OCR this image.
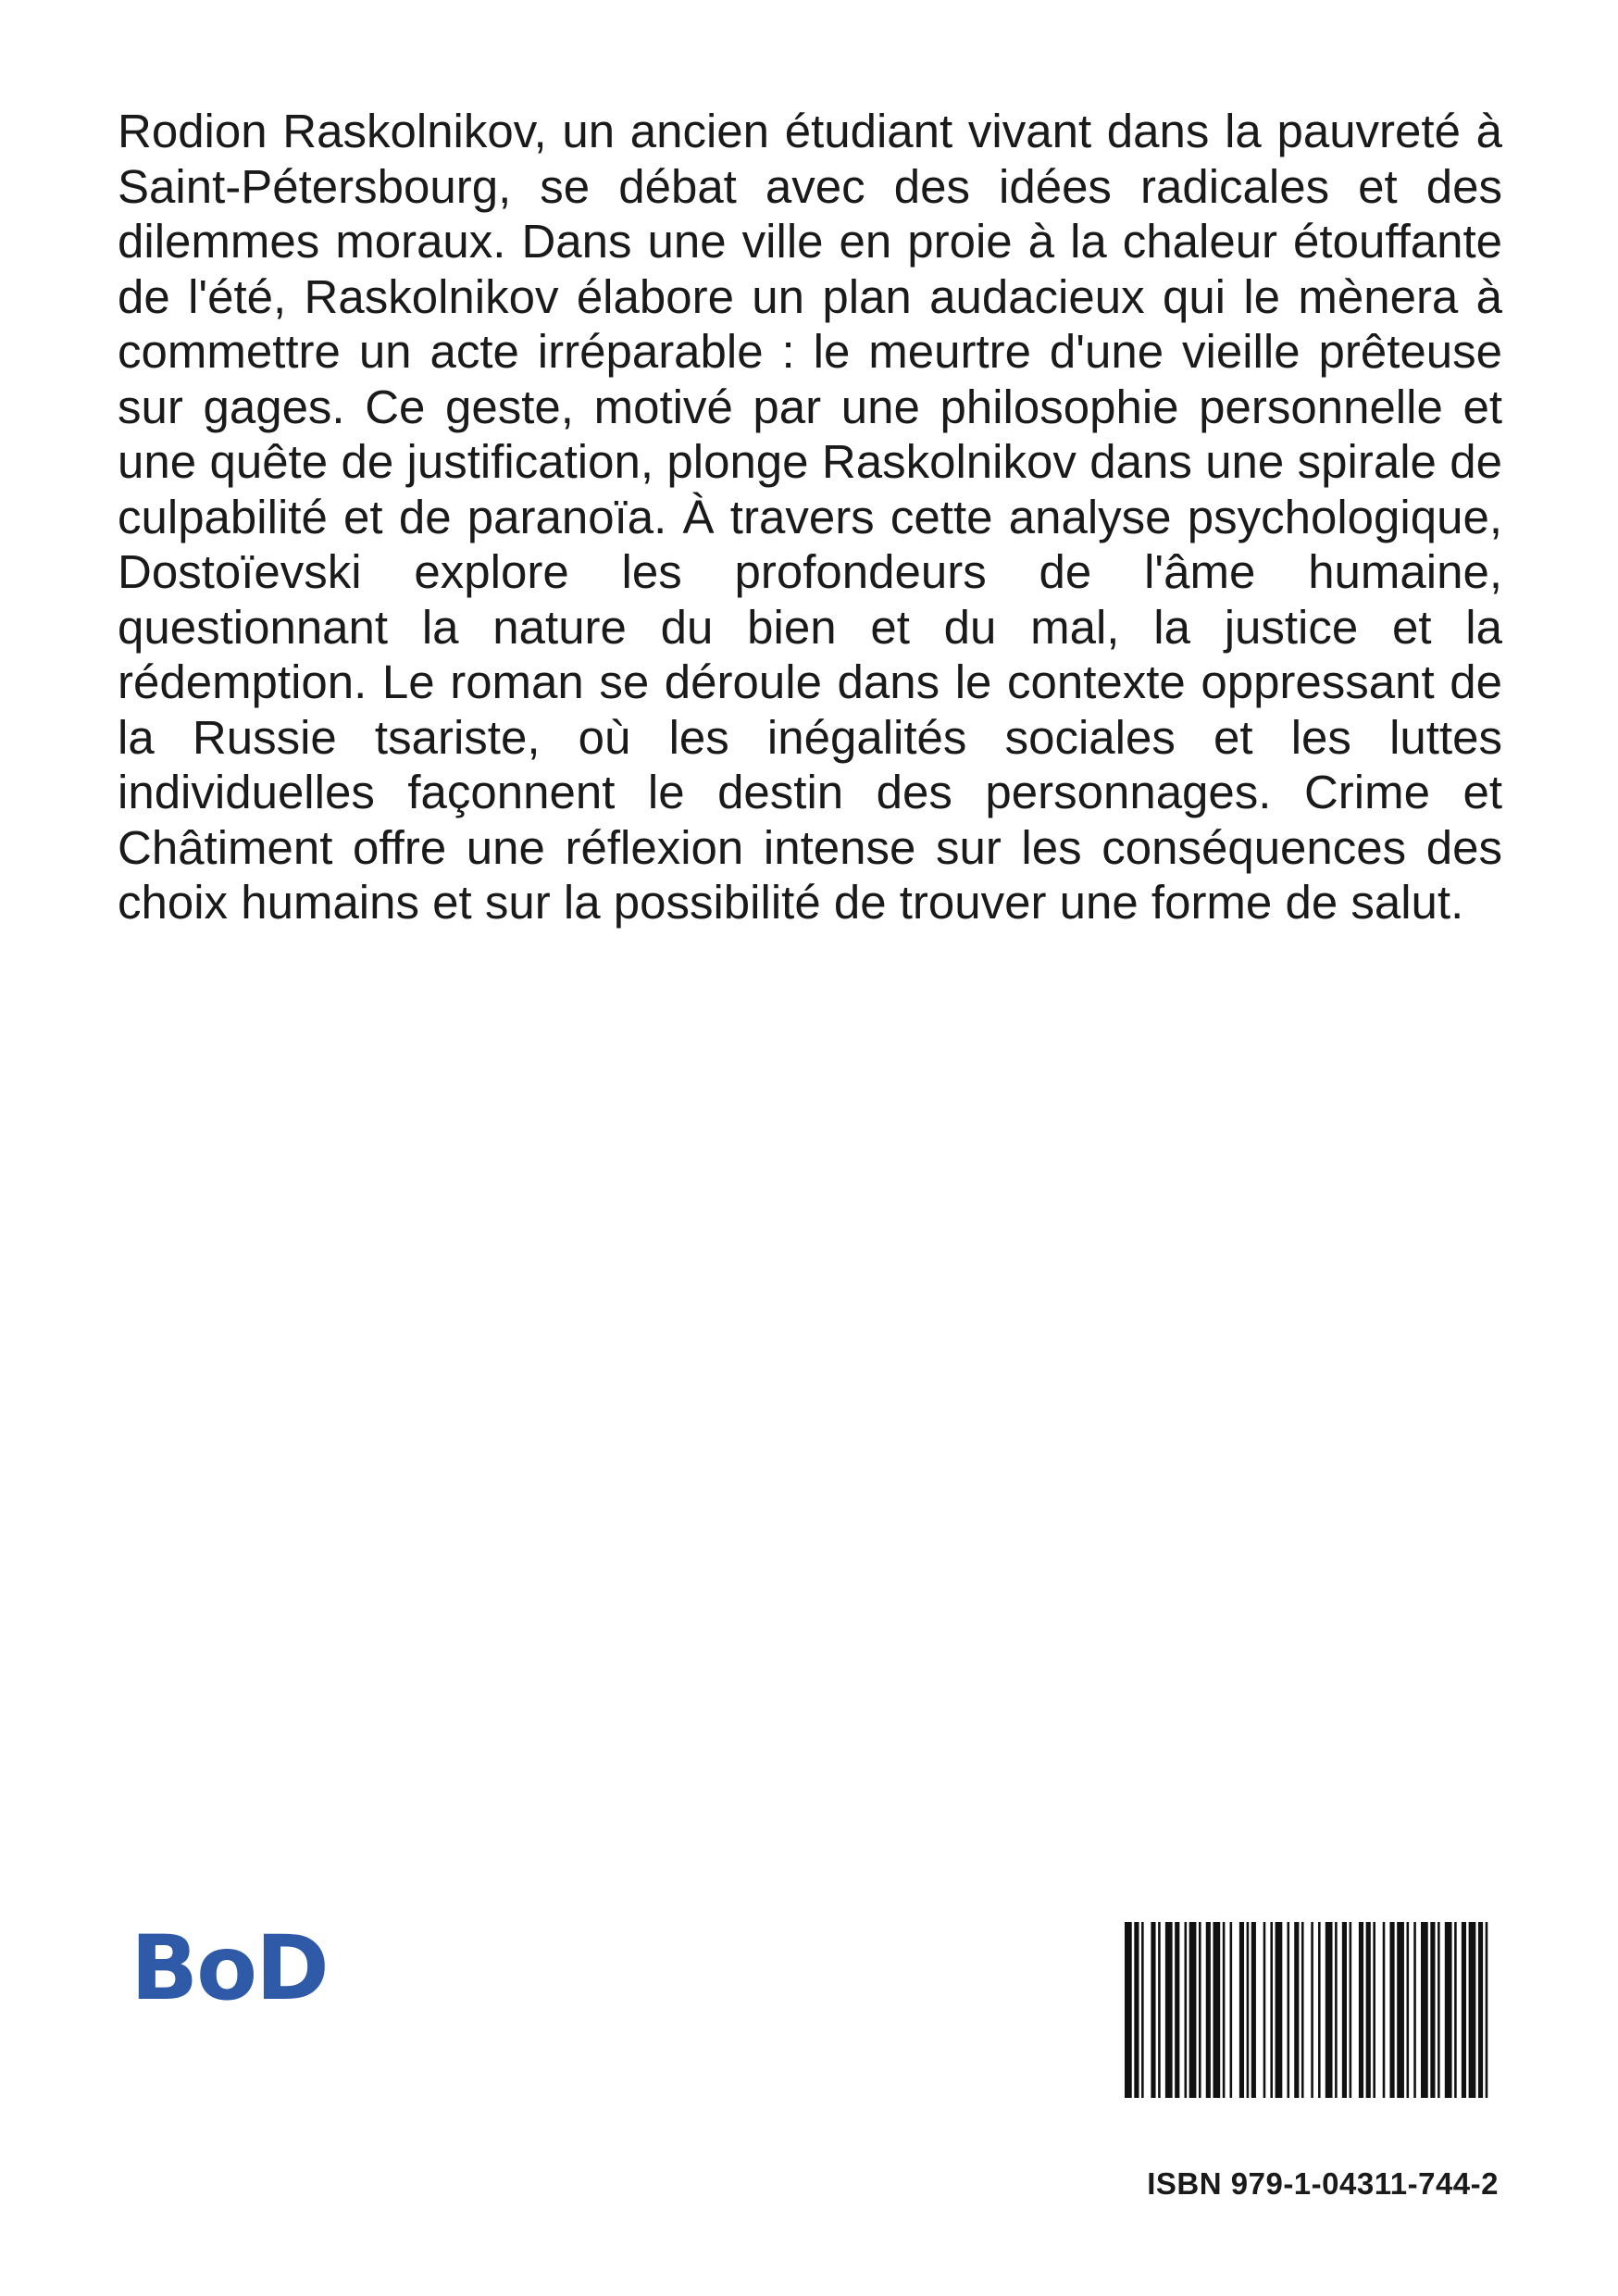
Rodion Raskolnikov, un ancien étudiant vivant dans la pauvreté à Saint-Pétersbourg, se débat avec des idées radicales et des dilemmes moraux. Dans une ville en proie à la chaleur étouffante de l'été, Raskolnikov élabore un plan audacieux qui le mènera à commettre un acte irréparable : le meurtre d'une vieille prêteuse sur gages. Ce geste, motivé par une philosophie personnelle et une quête de justification, plonge Raskolnikov dans une spirale de culpabilité et de paranoïa. À travers cette analyse psychologique, Dostoïevski explore les profondeurs de l'âme humaine, questionnant la nature du bien et du mal, la justice et la rédemption. Le roman se déroule dans le contexte oppressant de la Russie tsariste, où les inégalités sociales et les luttes individuelles façonnent le destin des personnages. Crime et Châtiment offre une réflexion intense sur les conséquences des choix humains et sur la possibilité de trouver une forme de salut.

BoD
ISBN 979-1-04311-744-2
